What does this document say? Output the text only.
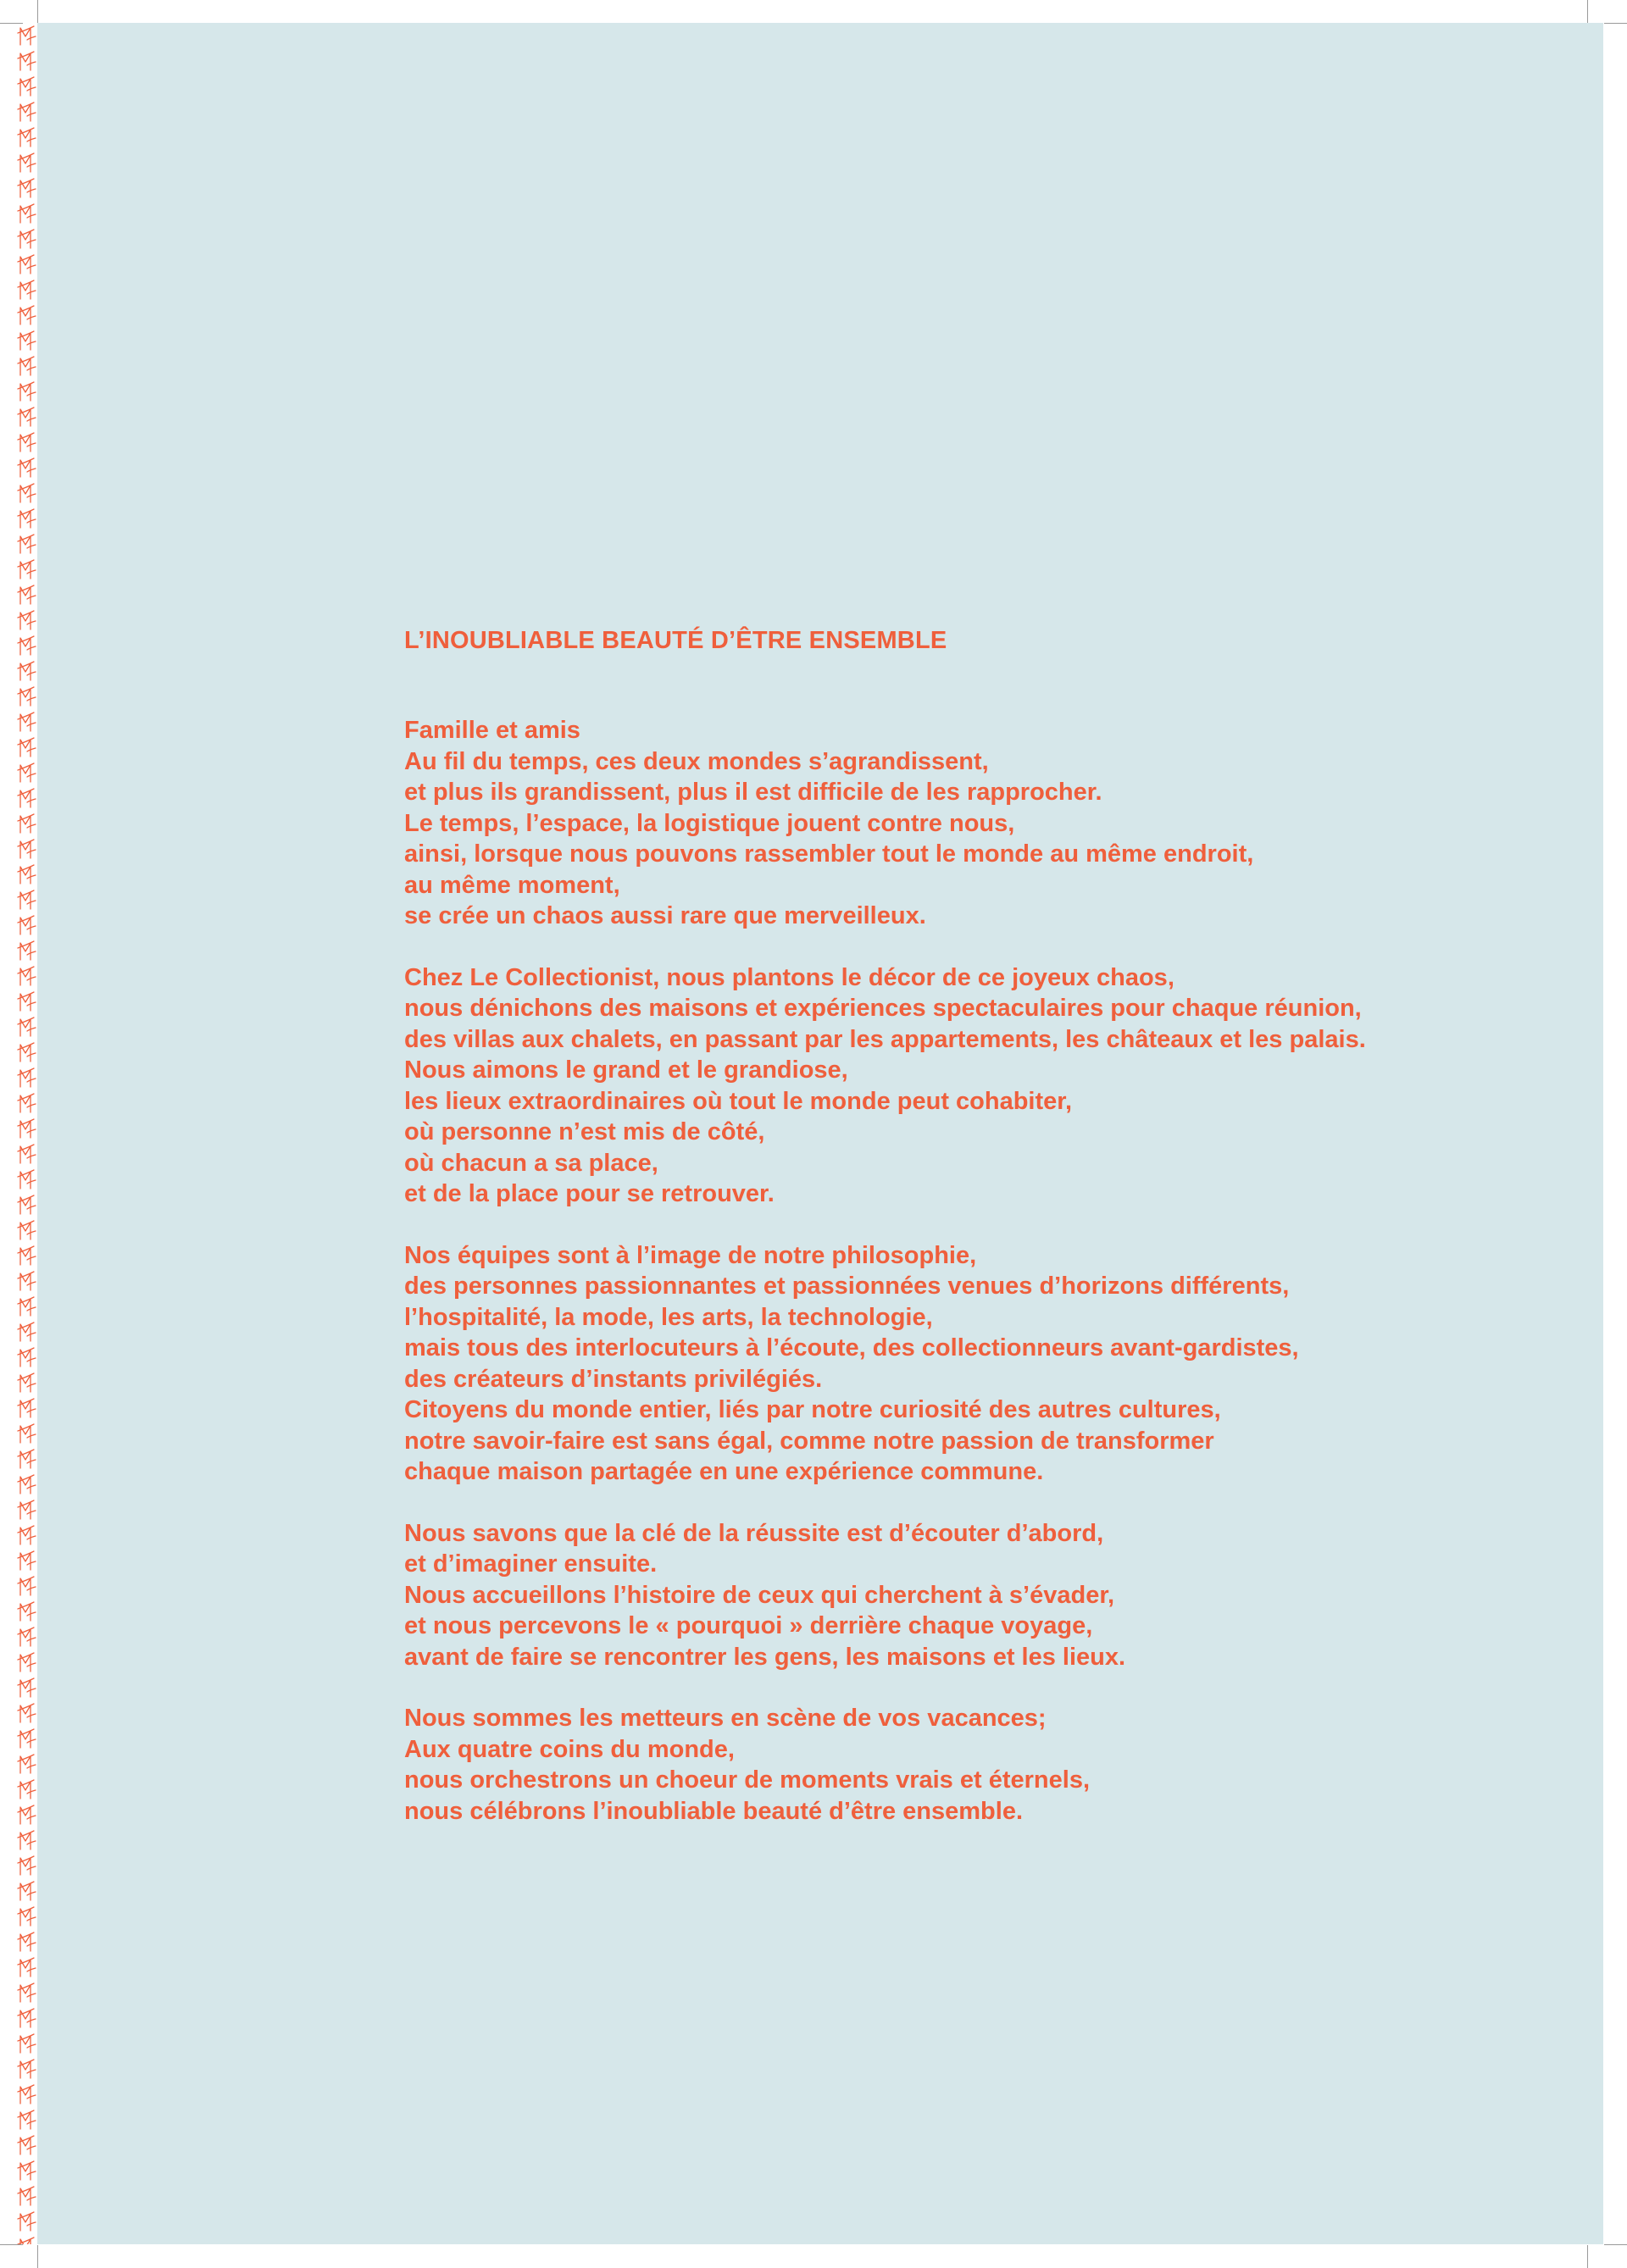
L’INOUBLIABLE BEAUTÉ D’ÊTRE ENSEMBLE
Famille et amis
Au fil du temps, ces deux mondes s’agrandissent,
et plus ils grandissent, plus il est difficile de les rapprocher.
Le temps, l’espace, la logistique jouent contre nous,
ainsi, lorsque nous pouvons rassembler tout le monde au même endroit,
au même moment,
se crée un chaos aussi rare que merveilleux.
Chez Le Collectionist, nous plantons le décor de ce joyeux chaos,
nous dénichons des maisons et expériences spectaculaires pour chaque réunion,
des villas aux chalets, en passant par les appartements, les châteaux et les palais.
Nous aimons le grand et le grandiose,
les lieux extraordinaires où tout le monde peut cohabiter,
où personne n’est mis de côté,
où chacun a sa place,
et de la place pour se retrouver.
Nos équipes sont à l’image de notre philosophie,
des personnes passionnantes et passionnées venues d’horizons différents,
l’hospitalité, la mode, les arts, la technologie,
mais tous des interlocuteurs à l’écoute, des collectionneurs avant-gardistes,
des créateurs d’instants privilégiés.
Citoyens du monde entier, liés par notre curiosité des autres cultures,
notre savoir-faire est sans égal, comme notre passion de transformer
chaque maison partagée en une expérience commune.
Nous savons que la clé de la réussite est d’écouter d’abord,
et d’imaginer ensuite.
Nous accueillons l’histoire de ceux qui cherchent à s’évader,
et nous percevons le « pourquoi » derrière chaque voyage,
avant de faire se rencontrer les gens, les maisons et les lieux.
Nous sommes les metteurs en scène de vos vacances;
Aux quatre coins du monde,
nous orchestrons un choeur de moments vrais et éternels,
nous célébrons l’inoubliable beauté d’être ensemble.
